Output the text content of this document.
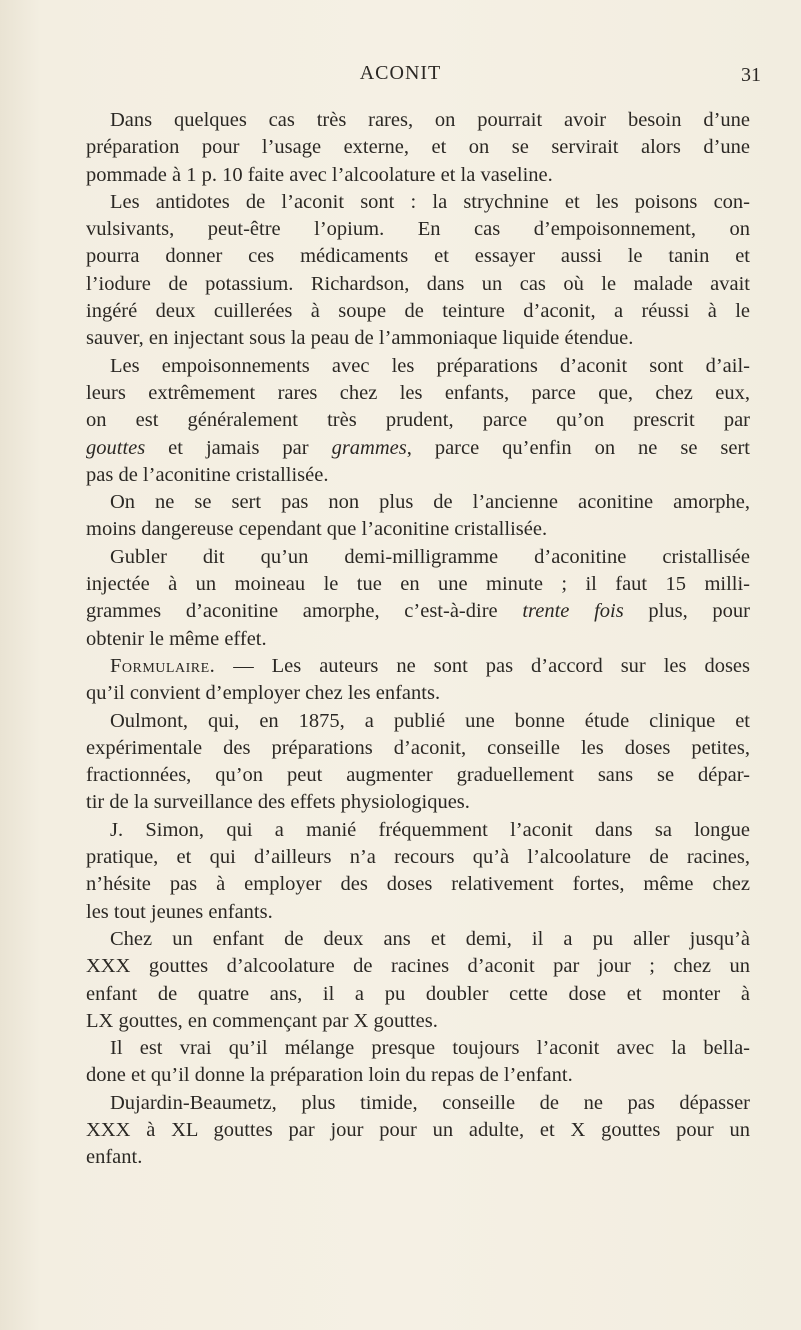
ACONIT	31
Dans quelques cas très rares, on pourrait avoir besoin d’une
préparation pour l’usage externe, et on se servirait alors d’une
pommade à 1 p. 10 faite avec l’alcoolature et la vaseline.
Les antidotes de l’aconit sont : la strychnine et les poisons con-
vulsivants, peut-être l’opium. En cas d’empoisonnement, on
pourra donner ces médicaments et essayer aussi le tanin et
l’iodure de potassium. Richardson, dans un cas où le malade avait
ingéré deux cuillerées à soupe de teinture d’aconit, a réussi à le
sauver, en injectant sous la peau de l’ammoniaque liquide étendue.
Les empoisonnements avec les préparations d’aconit sont d’ail-
leurs extrêmement rares chez les enfants, parce que, chez eux,
on est généralement très prudent, parce qu’on prescrit par
gouttes et jamais par grammes, parce qu’enfin on ne se sert
pas de l’aconitine cristallisée.
On ne se sert pas non plus de l’ancienne aconitine amorphe,
moins dangereuse cependant que l’aconitine cristallisée.
Gubler dit qu’un demi-milligramme d’aconitine cristallisée
injectée à un moineau le tue en une minute ; il faut 15 milli-
grammes d’aconitine amorphe, c’est-à-dire trente fois plus, pour
obtenir le même effet.
Formulaire. — Les auteurs ne sont pas d’accord sur les doses
qu’il convient d’employer chez les enfants.
Oulmont, qui, en 1875, a publié une bonne étude clinique et
expérimentale des préparations d’aconit, conseille les doses petites,
fractionnées, qu’on peut augmenter graduellement sans se dépar-
tir de la surveillance des effets physiologiques.
J. Simon, qui a manié fréquemment l’aconit dans sa longue
pratique, et qui d’ailleurs n’a recours qu’à l’alcoolature de racines,
n’hésite pas à employer des doses relativement fortes, même chez
les tout jeunes enfants.
Chez un enfant de deux ans et demi, il a pu aller jusqu’à
XXX gouttes d’alcoolature de racines d’aconit par jour ; chez un
enfant de quatre ans, il a pu doubler cette dose et monter à
LX gouttes, en commençant par X gouttes.
Il est vrai qu’il mélange presque toujours l’aconit avec la bella-
done et qu’il donne la préparation loin du repas de l’enfant.
Dujardin-Beaumetz, plus timide, conseille de ne pas dépasser
XXX à XL gouttes par jour pour un adulte, et X gouttes pour un
enfant.
